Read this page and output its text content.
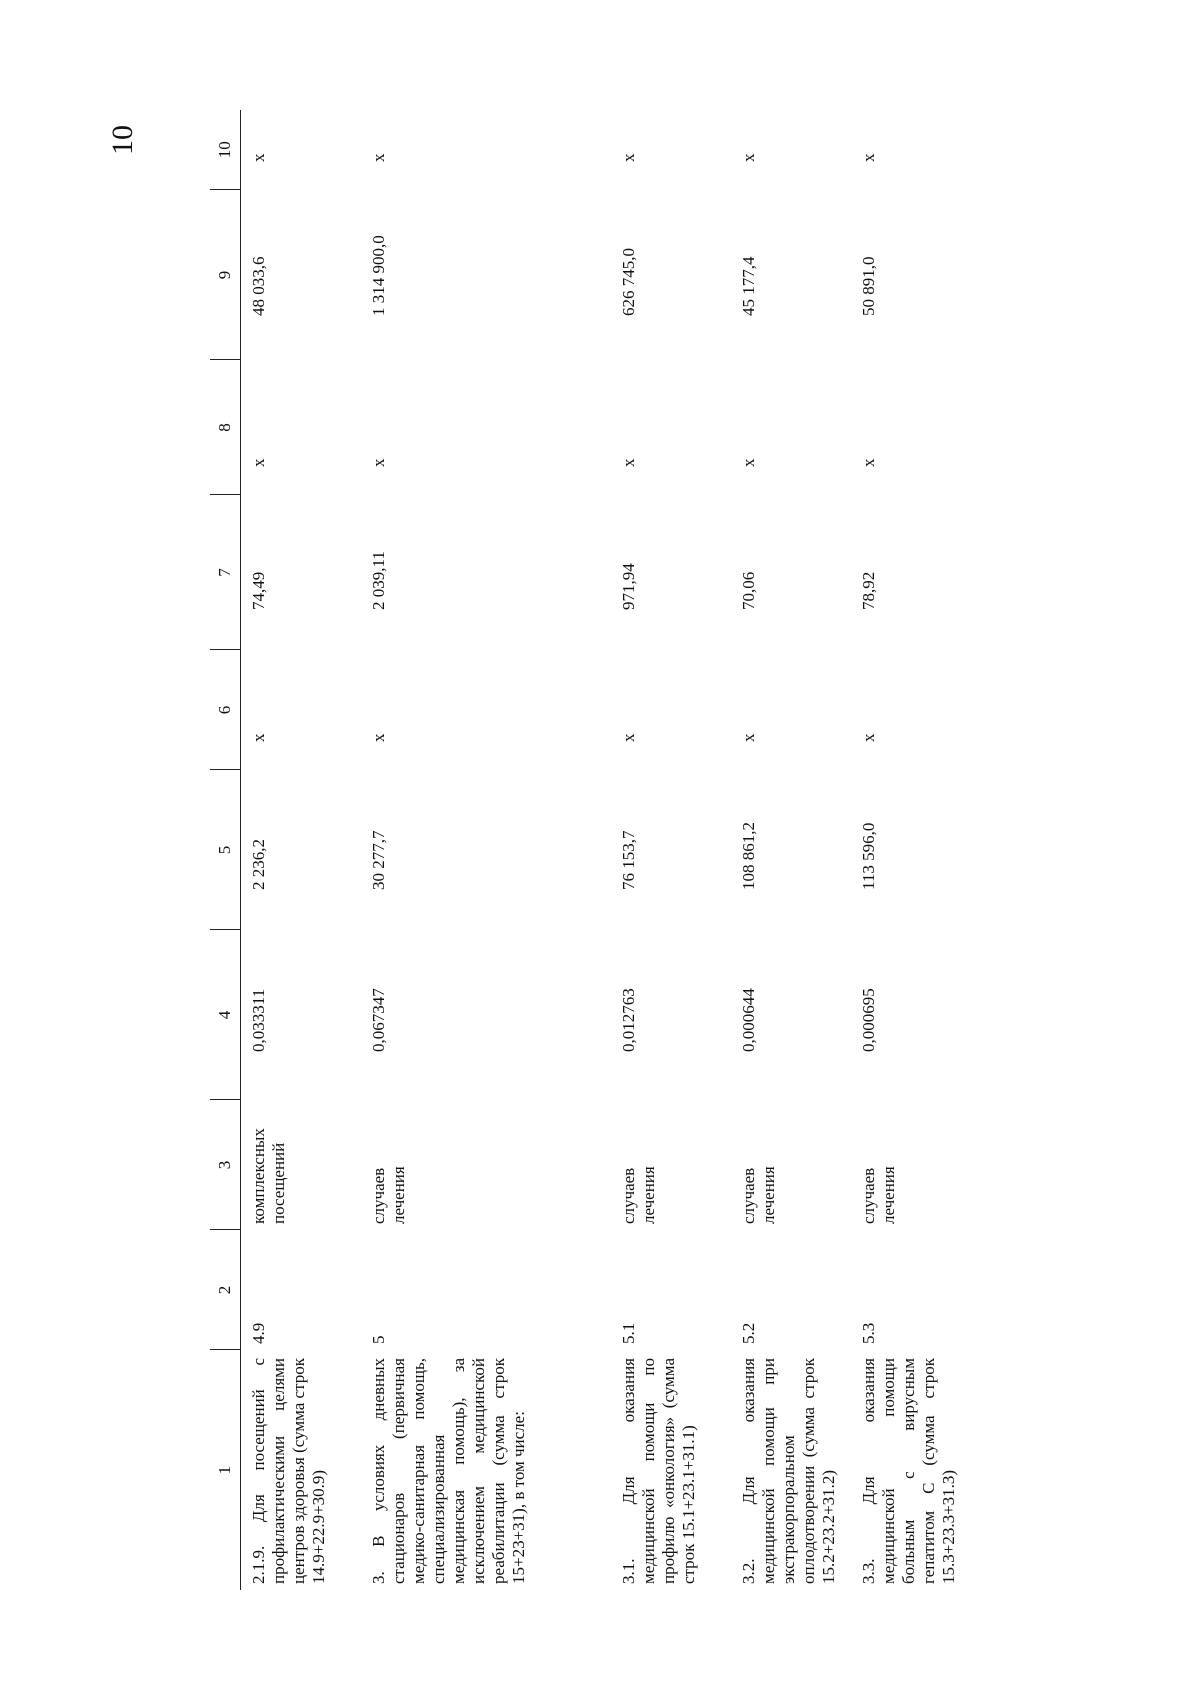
10
1	2	3	4	5	6	7	8	9	10
2.1.9. Для посещений с профилактическими целями центров здоровья (сумма строк 14.9+22.9+30.9)	4.9	комплексных посещений	0,033311	2 236,2	х	74,49	х	48 033,6	х
3. В условиях дневных стационаров (первичная медико-санитарная помощь, специализированная медицинская помощь), за исключением медицинской реабилитации (сумма строк 15+23+31), в том числе:	5	случаев лечения	0,067347	30 277,7	х	2 039,11	х	1 314 900,0	х
3.1. Для оказания медицинской помощи по профилю «онкология» (сумма строк 15.1+23.1+31.1)	5.1	случаев лечения	0,012763	76 153,7	х	971,94	х	626 745,0	х
3.2. Для оказания медицинской помощи при экстракорпоральном оплодотворении (сумма строк 15.2+23.2+31.2)	5.2	случаев лечения	0,000644	108 861,2	х	70,06	х	45 177,4	х
3.3. Для оказания медицинской помощи больным с вирусным гепатитом С (сумма строк 15.3+23.3+31.3)	5.3	случаев лечения	0,000695	113 596,0	х	78,92	х	50 891,0	х
